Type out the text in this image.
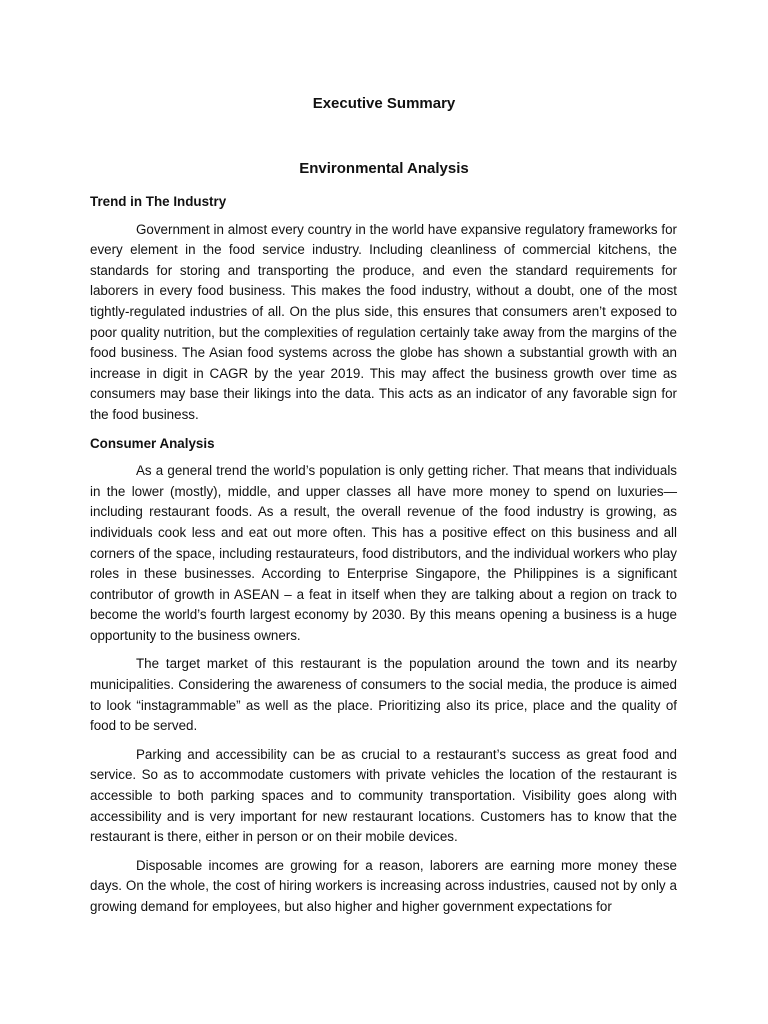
Executive Summary
Environmental Analysis

Trend in The Industry

Government in almost every country in the world have expansive regulatory frameworks for every element in the food service industry. Including cleanliness of commercial kitchens, the standards for storing and transporting the produce, and even the standard requirements for laborers in every food business. This makes the food industry, without a doubt, one of the most tightly-regulated industries of all. On the plus side, this ensures that consumers aren’t exposed to poor quality nutrition, but the complexities of regulation certainly take away from the margins of the food business. The Asian food systems across the globe has shown a substantial growth with an increase in digit in CAGR by the year 2019. This may affect the business growth over time as consumers may base their likings into the data. This acts as an indicator of any favorable sign for the food business.

Consumer Analysis

As a general trend the world’s population is only getting richer. That means that individuals in the lower (mostly), middle, and upper classes all have more money to spend on luxuries—including restaurant foods. As a result, the overall revenue of the food industry is growing, as individuals cook less and eat out more often. This has a positive effect on this business and all corners of the space, including restaurateurs, food distributors, and the individual workers who play roles in these businesses. According to Enterprise Singapore, the Philippines is a significant contributor of growth in ASEAN – a feat in itself when they are talking about a region on track to become the world’s fourth largest economy by 2030. By this means opening a business is a huge opportunity to the business owners.

The target market of this restaurant is the population around the town and its nearby municipalities. Considering the awareness of consumers to the social media, the produce is aimed to look “instagrammable” as well as the place. Prioritizing also its price, place and the quality of food to be served.

Parking and accessibility can be as crucial to a restaurant’s success as great food and service. So as to accommodate customers with private vehicles the location of the restaurant is accessible to both parking spaces and to community transportation. Visibility goes along with accessibility and is very important for new restaurant locations. Customers has to know that the restaurant is there, either in person or on their mobile devices.

Disposable incomes are growing for a reason, laborers are earning more money these days. On the whole, the cost of hiring workers is increasing across industries, caused not by only a growing demand for employees, but also higher and higher government expectations for
